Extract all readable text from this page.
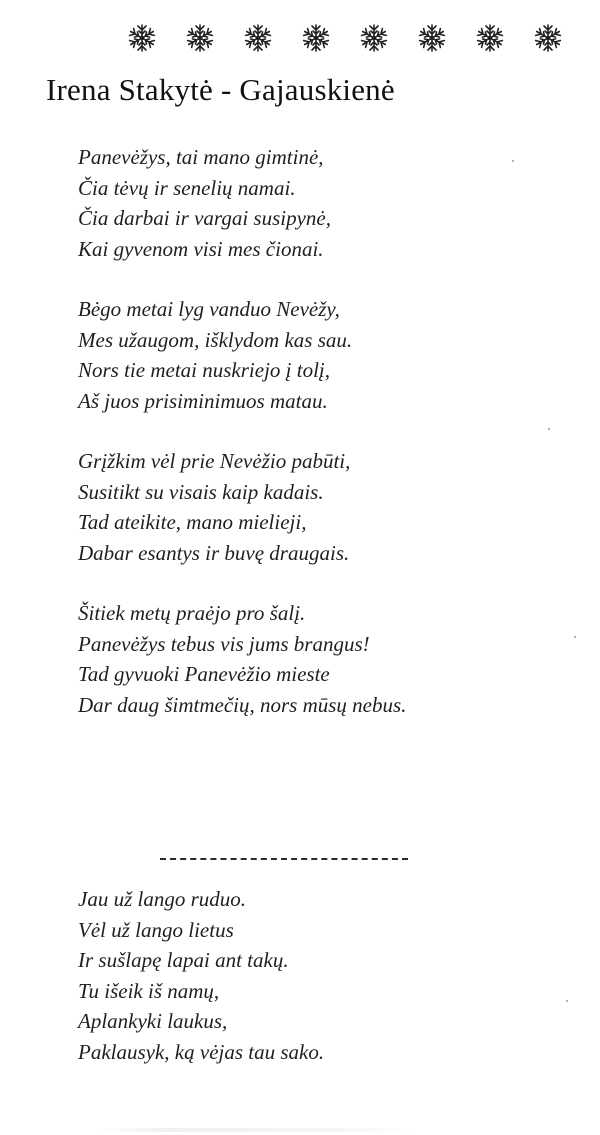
Irena Stakytė - Gajauskienė
Panevėžys, tai mano gimtinė,
Čia tėvų ir senelių namai.
Čia darbai ir vargai susipynė,
Kai gyvenom visi mes čionai.
Bėgo metai lyg vanduo Nevėžy,
Mes užaugom, išklydom kas sau.
Nors tie metai nuskriejo į tolį,
Aš juos prisiminimuos matau.
Grįžkim vėl prie Nevėžio pabūti,
Susitikt su visais kaip kadais.
Tad ateikite, mano mielieji,
Dabar esantys ir buvę draugais.
Šitiek metų praėjo pro šalį.
Panevėžys tebus vis jums brangus!
Tad gyvuoki Panevėžio mieste
Dar daug šimtmečių, nors mūsų nebus.
Jau už lango ruduo.
Vėl už lango lietus
Ir sušlapę lapai ant takų.
Tu išeik iš namų,
Aplankyki laukus,
Paklausyk, ką vėjas tau sako.
